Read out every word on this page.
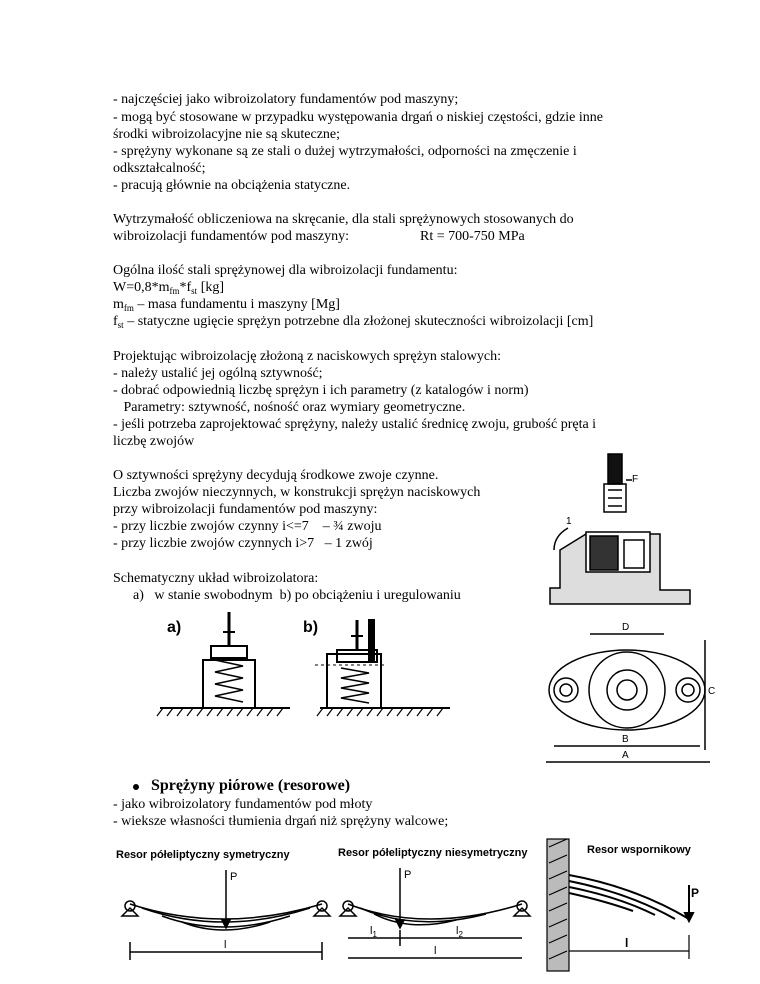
- najczęściej jako wibroizolatory fundamentów pod maszyny;
- mogą być stosowane w przypadku występowania drgań o niskiej częstości, gdzie inne
środki wibroizolacyjne nie są skuteczne;
- sprężyny wykonane są ze stali o dużej wytrzymałości, odporności na zmęczenie i
odkształcalność;
- pracują głównie na obciążenia statyczne.
Wytrzymałość obliczeniowa na skręcanie, dla stali sprężynowych stosowanych do
wibroizolacji fundamentów pod maszyny:	Rt = 700-750 MPa
Ogólna ilość stali sprężynowej dla wibroizolacji fundamentu:
$W=0,8*m_{fm}*f_{st}$ [kg]
$m_{fm}$ – masa fundamentu i maszyny [Mg]
$f_{st}$ – statyczne ugięcie sprężyn potrzebne dla złożonej skuteczności wibroizolacji [cm]
Projektując wibroizolację złożoną z naciskowych sprężyn stalowych:
- należy ustalić jej ogólną sztywność;
- dobrać odpowiednią liczbę sprężyn i ich parametry (z katalogów i norm)
Parametry: sztywność, nośność oraz wymiary geometryczne.
- jeśli potrzeba zaprojektować sprężyny, należy ustalić średnicę zwoju, grubość pręta i
liczbę zwojów
O sztywności sprężyny decydują środkowe zwoje czynne.
Liczba zwojów nieczynnych, w konstrukcji sprężyn naciskowych
przy wibroizolacji fundamentów pod maszyny:
- przy liczbie zwojów czynny i<=7    – ¾ zwoju
- przy liczbie zwojów czynnych i>7   – 1 zwój
Schematyczny układ wibroizolatora:
a)   w stanie swobodnym  b) po obciążeniu i uregulowaniu
a)	b)
F
1
D
B
A
C
Sprężyny piórowe (resorowe)
- jako wibroizolatory fundamentów pod młoty
- wieksze własności tłumienia drgań niż sprężyny walcowe;
Resor półeliptyczny symetryczny
P
l
Resor półeliptyczny niesymetryczny
P
$l_1$	$l_2$
l
Resor wspornikowy
P
l
